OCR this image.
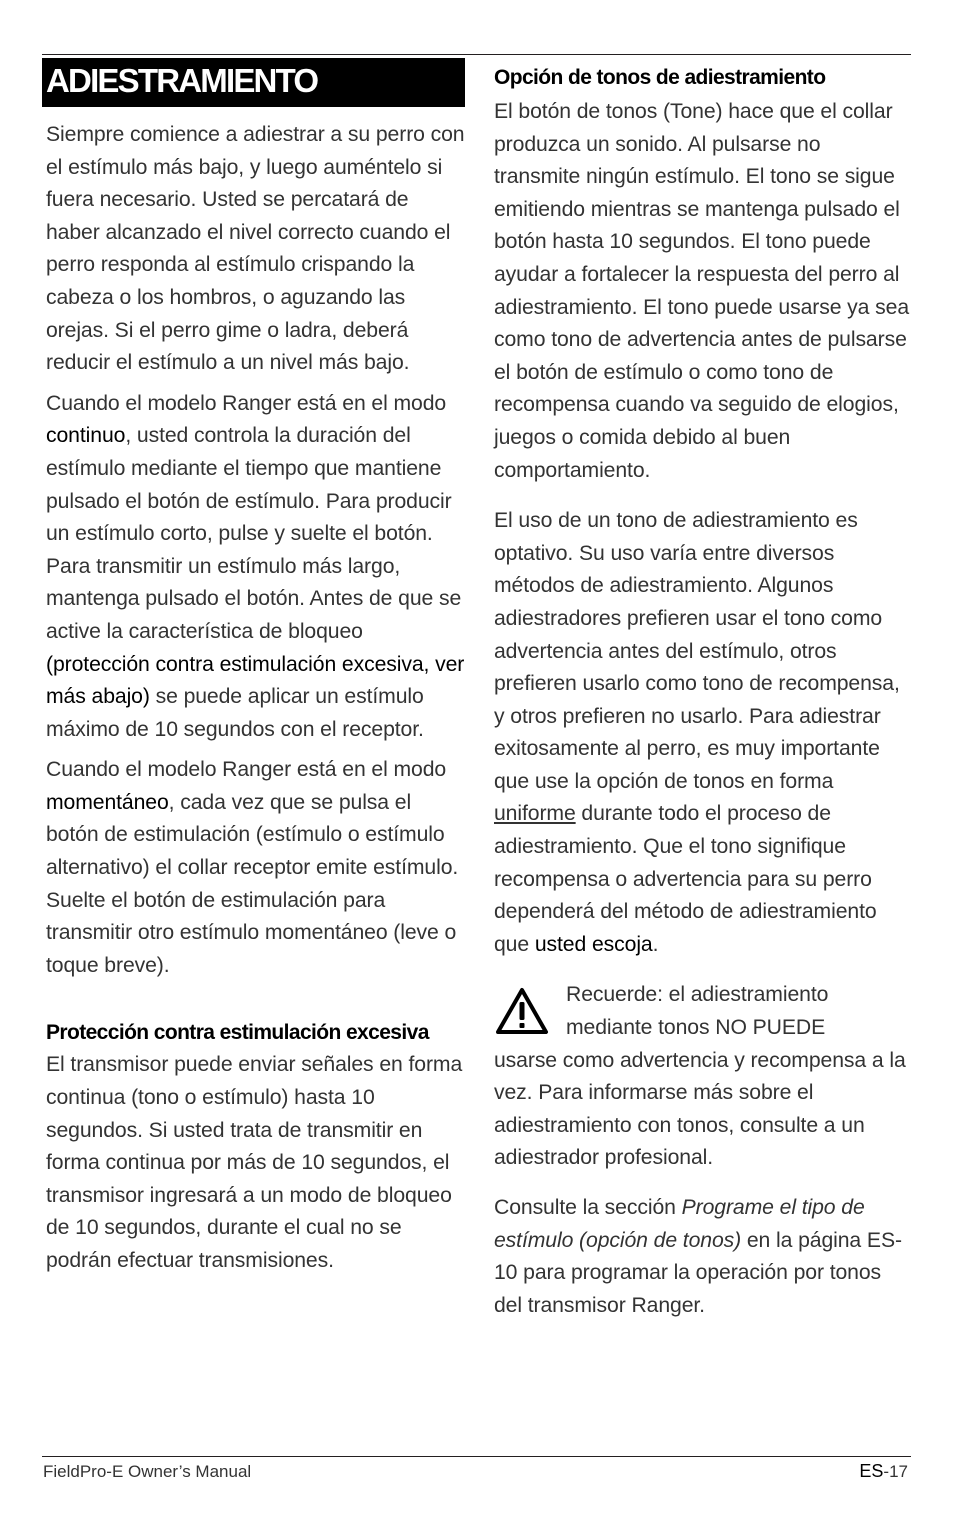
ADIESTRAMIENTO

Siempre comience a adiestrar a su perro con el estímulo más bajo, y luego auméntelo si fuera necesario. Usted se percatará de haber alcanzado el nivel correcto cuando el perro responda al estímulo crispando la cabeza o los hombros, o aguzando las orejas. Si el perro gime o ladra, deberá reducir el estímulo a un nivel más bajo.

Cuando el modelo Ranger está en el modo continuo, usted controla la duración del estímulo mediante el tiempo que mantiene pulsado el botón de estímulo. Para producir un estímulo corto, pulse y suelte el botón. Para transmitir un estímulo más largo, mantenga pulsado el botón. Antes de que se active la característica de bloqueo (protección contra estimulación excesiva, ver más abajo) se puede aplicar un estímulo máximo de 10 segundos con el receptor.

Cuando el modelo Ranger está en el modo momentáneo, cada vez que se pulsa el botón de estimulación (estímulo o estímulo alternativo) el collar receptor emite estímulo. Suelte el botón de estimulación para transmitir otro estímulo momentáneo (leve o toque breve).

Protección contra estimulación excesiva

El transmisor puede enviar señales en forma continua (tono o estímulo) hasta 10 segundos. Si usted trata de transmitir en forma continua por más de 10 segundos, el transmisor ingresará a un modo de bloqueo de 10 segundos, durante el cual no se podrán efectuar transmisiones.

Opción de tonos de adiestramiento

El botón de tonos (Tone) hace que el collar produzca un sonido. Al pulsarse no transmite ningún estímulo. El tono se sigue emitiendo mientras se mantenga pulsado el botón hasta 10 segundos. El tono puede ayudar a fortalecer la respuesta del perro al adiestramiento. El tono puede usarse ya sea como tono de advertencia antes de pulsarse el botón de estímulo o como tono de recompensa cuando va seguido de elogios, juegos o comida debido al buen comportamiento.

El uso de un tono de adiestramiento es optativo. Su uso varía entre diversos métodos de adiestramiento. Algunos adiestradores prefieren usar el tono como advertencia antes del estímulo, otros prefieren usarlo como tono de recompensa, y otros prefieren no usarlo. Para adiestrar exitosamente al perro, es muy importante que use la opción de tonos en forma uniforme durante todo el proceso de adiestramiento. Que el tono signifique recompensa o advertencia para su perro dependerá del método de adiestramiento que usted escoja.

Recuerde: el adiestramiento
mediante tonos NO PUEDE
usarse como advertencia y recompensa a la vez. Para informarse más sobre el adiestramiento con tonos, consulte a un adiestrador profesional.

Consulte la sección Programe el tipo de estímulo (opción de tonos) en la página ES-10 para programar la operación por tonos del transmisor Ranger.

FieldPro-E Owner’s Manual	ES-17
